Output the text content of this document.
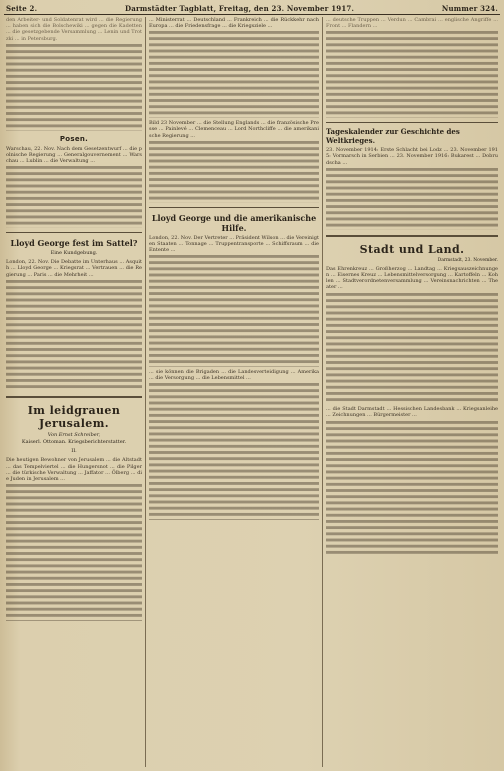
Seite 2.	Darmstädter Tagblatt, Freitag, den 23. November 1917.	Nummer 324.

den Arbeiter- und Soldatenrat wird ... die Regierung ... haben sich die Bolschewiki ... gegen die Kadetten ... die gesetzgebende Versammlung ... Lenin und Trotzki ... in Petersburg.

Posen.

Warschau, 22. Nov. Nach dem Gesetzentwurf ... die polnische Regierung ... Generalgouvernement ... Warschau ... Lublin ... die Verwaltung ...

Lloyd George fest im Sattel?
Eine Kundgebung.

London, 22. Nov. Die Debatte im Unterhaus ... Asquith ... Lloyd George ... Kriegsrat ... Vertrauen ... die Regierung ... Paris ... die Mehrheit ...

Im leidgrauen Jerusalem.
Von Ernst Schreiber,
Kaiserl. Ottoman. Kriegsberichterstatter.
II.

Die heutigen Bewohner von Jerusalem ... die Altstadt ... das Tempelviertel ... die Hungersnot ... die Pilger ... die türkische Verwaltung ... Jaffator ... Ölberg ... die Juden in Jerusalem ...

... Ministerrat ... Deutschland ... Frankreich ... die Rückkehr nach Europa ... die Friedensfrage ... die Kriegsziele ...

Bild 23 November ... die Stellung Englands ... die französische Presse ... Painlevé ... Clemenceau ... Lord Northcliffe ... die amerikanische Regierung ...

Lloyd George und die amerikanische Hilfe.

London, 22. Nov. Der Vertreter ... Präsident Wilson ... die Vereinigten Staaten ... Tonnage ... Truppentransporte ... Schiffsraum ... die Entente ...

... sie können die Brigaden ... die Landesverteidigung ... Amerika ... die Versorgung ... die Lebensmittel ...

... deutsche Truppen ... Verdun ... Cambrai ... englische Angriffe ... Front ... Flandern ...

Tageskalender zur Geschichte des Weltkrieges.

23. November 1914: Erste Schlacht bei Lodz ... 23. November 1915: Vormarsch in Serbien ... 23. November 1916: Bukarest ... Dobrudscha ...

Stadt und Land.
Darmstadt, 23. November.

Das Ehrenkreuz ... Großherzog ... Landtag ... Kriegsauszeichnungen ... Eisernes Kreuz ... Lebensmittelversorgung ... Kartoffeln ... Kohlen ... Stadtverordnetenversammlung ... Vereinsnachrichten ... Theater ...

... die Stadt Darmstadt ... Hessischen Landesbank ... Kriegsanleihe ... Zeichnungen ... Bürgermeister ...
